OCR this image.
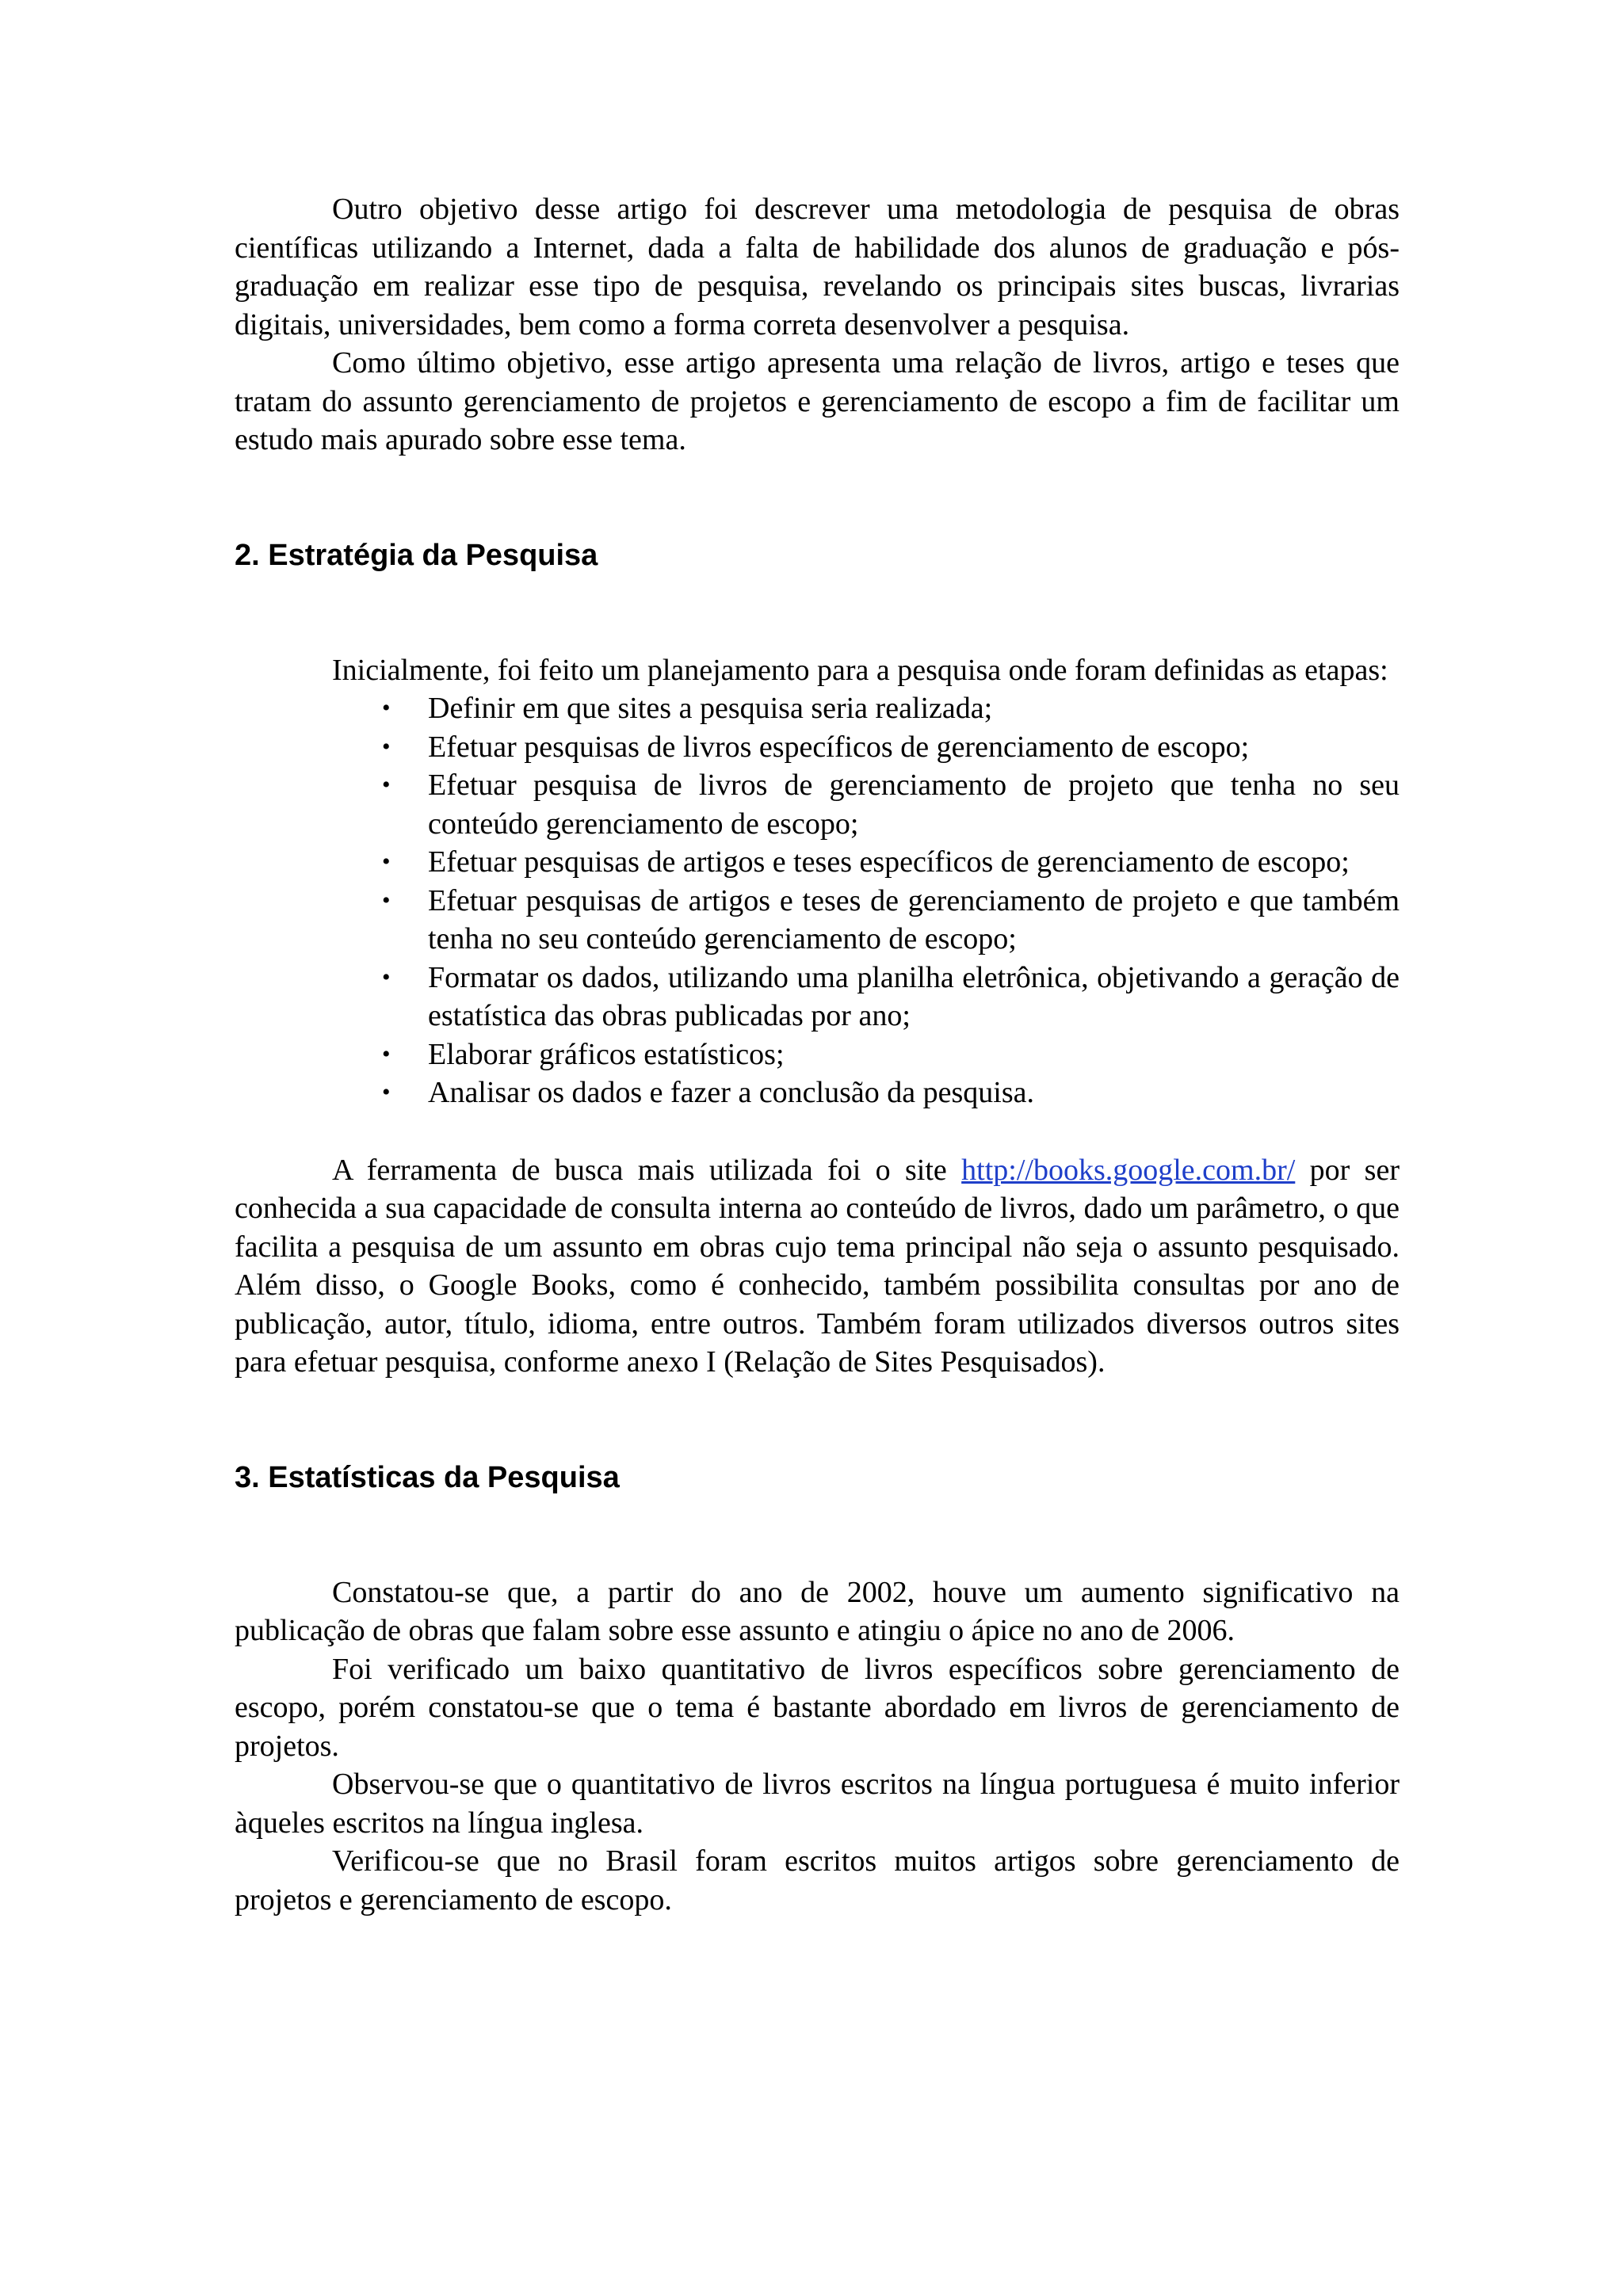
Outro objetivo desse artigo foi descrever uma metodologia de pesquisa de obras científicas utilizando a Internet, dada a falta de habilidade dos alunos de graduação e pós-graduação em realizar esse tipo de pesquisa, revelando os principais sites buscas, livrarias digitais, universidades, bem como a forma correta desenvolver a pesquisa.

Como último objetivo, esse artigo apresenta uma relação de livros, artigo e teses que tratam do assunto gerenciamento de projetos e gerenciamento de escopo a fim de facilitar um estudo mais apurado sobre esse tema.

2. Estratégia da Pesquisa

Inicialmente, foi feito um planejamento para a pesquisa onde foram definidas as etapas:

• Definir em que sites a pesquisa seria realizada;
• Efetuar pesquisas de livros específicos de gerenciamento de escopo;
• Efetuar pesquisa de livros de gerenciamento de projeto que tenha no seu conteúdo gerenciamento de escopo;
• Efetuar pesquisas de artigos e teses específicos de gerenciamento de escopo;
• Efetuar pesquisas de artigos e teses de gerenciamento de projeto e que também tenha no seu conteúdo gerenciamento de escopo;
• Formatar os dados, utilizando uma planilha eletrônica, objetivando a geração de estatística das obras publicadas por ano;
• Elaborar gráficos estatísticos;
• Analisar os dados e fazer a conclusão da pesquisa.

A ferramenta de busca mais utilizada foi o site http://books.google.com.br/ por ser conhecida a sua capacidade de consulta interna ao conteúdo de livros, dado um parâmetro, o que facilita a pesquisa de um assunto em obras cujo tema principal não seja o assunto pesquisado. Além disso, o Google Books, como é conhecido, também possibilita consultas por ano de publicação, autor, título, idioma, entre outros. Também foram utilizados diversos outros sites para efetuar pesquisa, conforme anexo I (Relação de Sites Pesquisados).

3. Estatísticas da Pesquisa

Constatou-se que, a partir do ano de 2002, houve um aumento significativo na publicação de obras que falam sobre esse assunto e atingiu o ápice no ano de 2006.

Foi verificado um baixo quantitativo de livros específicos sobre gerenciamento de escopo, porém constatou-se que o tema é bastante abordado em livros de gerenciamento de projetos.

Observou-se que o quantitativo de livros escritos na língua portuguesa é muito inferior àqueles escritos na língua inglesa.

Verificou-se que no Brasil foram escritos muitos artigos sobre gerenciamento de projetos e gerenciamento de escopo.
